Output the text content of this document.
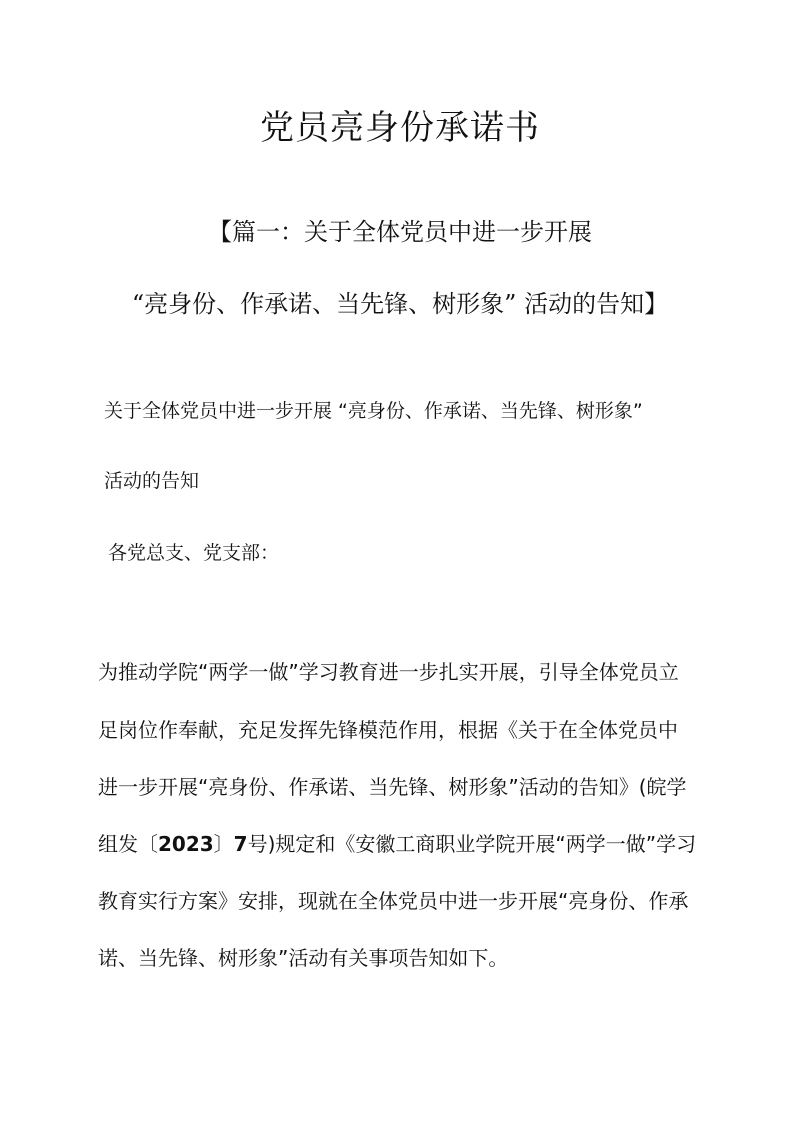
党员亮身份承诺书
【篇一：关于全体党员中进一步开展
“亮身份、作承诺、当先锋、树形象” 活动的告知】
关于全体党员中进一步开展 “亮身份、作承诺、当先锋、树形象”
活动的告知
各党总支、党支部：
为推动学院“两学一做”学习教育进一步扎实开展，引导全体党员立
足岗位作奉献，充足发挥先锋模范作用，根据《关于在全体党员中
进一步开展“亮身份、作承诺、当先锋、树形象”活动的告知》(皖学
组发〔2023〕7号)规定和《安徽工商职业学院开展“两学一做”学习
教育实行方案》安排，现就在全体党员中进一步开展“亮身份、作承
诺、当先锋、树形象”活动有关事项告知如下。
